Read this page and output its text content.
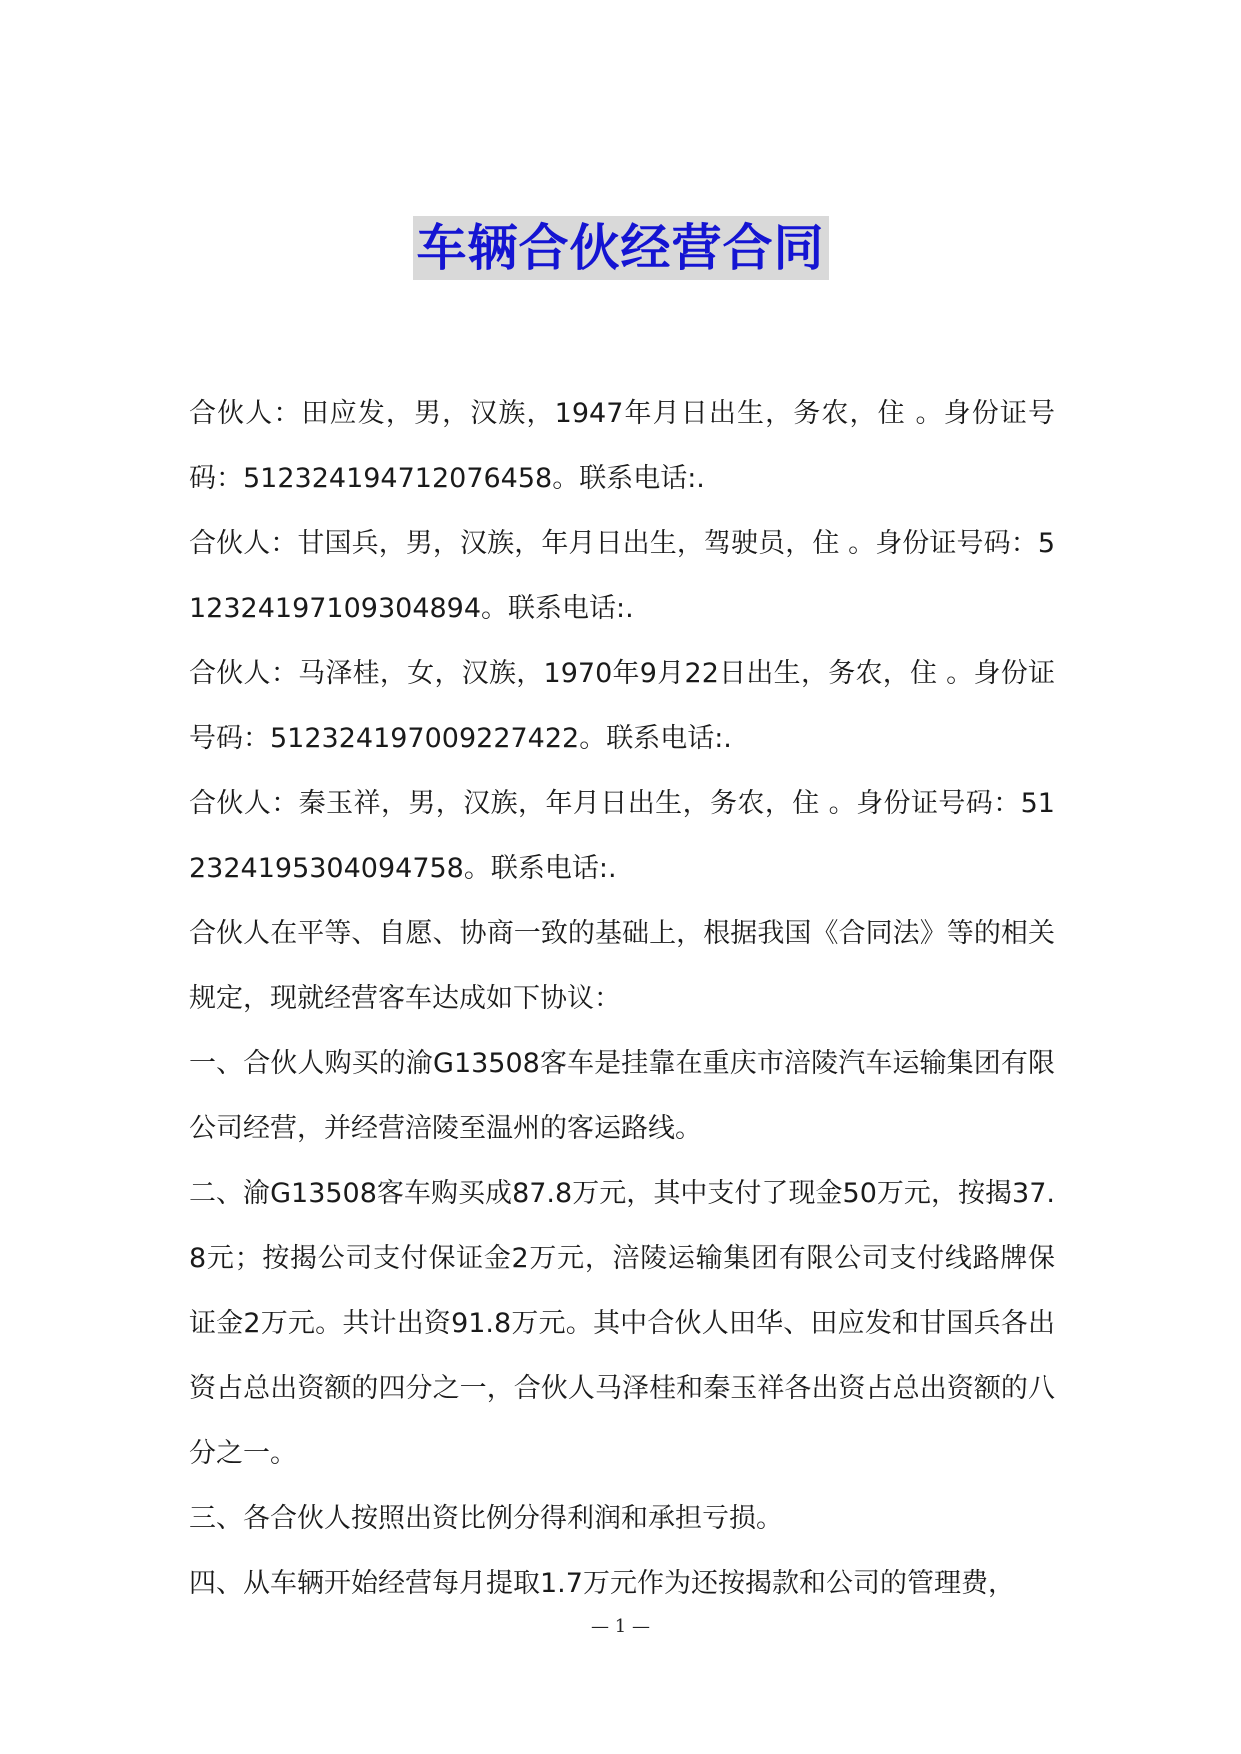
车辆合伙经营合同

合伙人：田应发，男，汉族，1947年月日出生，务农，住 。身份证号码：512324194712076458。联系电话:.

合伙人：甘国兵，男，汉族，年月日出生，驾驶员，住 。身份证号码：512324197109304894。联系电话:.

合伙人：马泽桂，女，汉族，1970年9月22日出生，务农，住 。身份证号码：512324197009227422。联系电话:.

合伙人：秦玉祥，男，汉族，年月日出生，务农，住 。身份证号码：512324195304094758。联系电话:.

合伙人在平等、自愿、协商一致的基础上，根据我国《合同法》等的相关规定，现就经营客车达成如下协议：

一、合伙人购买的渝G13508客车是挂靠在重庆市涪陵汽车运输集团有限公司经营，并经营涪陵至温州的客运路线。

二、渝G13508客车购买成87.8万元，其中支付了现金50万元，按揭37.8元；按揭公司支付保证金2万元，涪陵运输集团有限公司支付线路牌保证金2万元。共计出资91.8万元。其中合伙人田华、田应发和甘国兵各出资占总出资额的四分之一，合伙人马泽桂和秦玉祥各出资占总出资额的八分之一。

三、各合伙人按照出资比例分得利润和承担亏损。

四、从车辆开始经营每月提取1.7万元作为还按揭款和公司的管理费，

— 1 —
